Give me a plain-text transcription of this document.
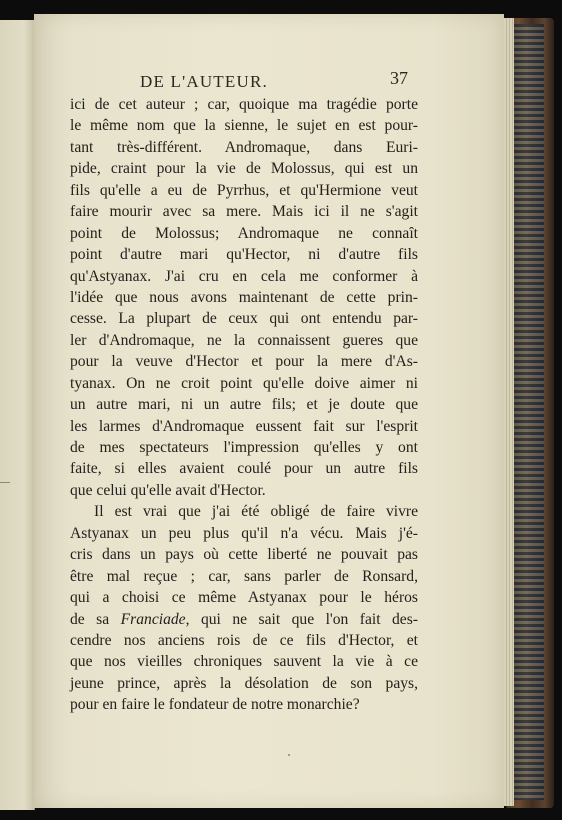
DE L'AUTEUR.	37
ici de cet auteur ; car, quoique ma tragédie porte
le même nom que la sienne, le sujet en est pour-
tant très-différent. Andromaque, dans Euri-
pide, craint pour la vie de Molossus, qui est un
fils qu'elle a eu de Pyrrhus, et qu'Hermione veut
faire mourir avec sa mere. Mais ici il ne s'agit
point de Molossus; Andromaque ne connaît
point d'autre mari qu'Hector, ni d'autre fils
qu'Astyanax. J'ai cru en cela me conformer à
l'idée que nous avons maintenant de cette prin-
cesse. La plupart de ceux qui ont entendu par-
ler d'Andromaque, ne la connaissent gueres que
pour la veuve d'Hector et pour la mere d'As-
tyanax. On ne croit point qu'elle doive aimer ni
un autre mari, ni un autre fils; et je doute que
les larmes d'Andromaque eussent fait sur l'esprit
de mes spectateurs l'impression qu'elles y ont
faite, si elles avaient coulé pour un autre fils
que celui qu'elle avait d'Hector.
Il est vrai que j'ai été obligé de faire vivre
Astyanax un peu plus qu'il n'a vécu. Mais j'é-
cris dans un pays où cette liberté ne pouvait pas
être mal reçue ; car, sans parler de Ronsard,
qui a choisi ce même Astyanax pour le héros
de sa Franciade, qui ne sait que l'on fait des-
cendre nos anciens rois de ce fils d'Hector, et
que nos vieilles chroniques sauvent la vie à ce
jeune prince, après la désolation de son pays,
pour en faire le fondateur de notre monarchie?
